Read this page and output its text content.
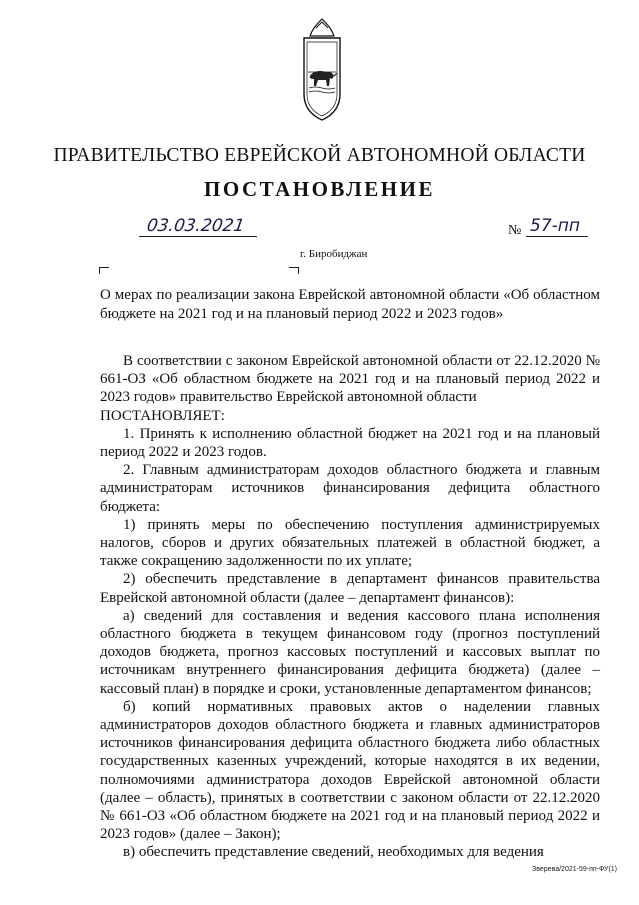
ПРАВИТЕЛЬСТВО ЕВРЕЙСКОЙ АВТОНОМНОЙ ОБЛАСТИ
ПОСТАНОВЛЕНИЕ
03.03.2021	№ 57-пп
г. Биробиджан
О мерах по реализации закона Еврейской автономной области «Об областном бюджете на 2021 год и на плановый период 2022 и 2023 годов»

В соответствии с законом Еврейской автономной области от 22.12.2020 № 661-ОЗ «Об областном бюджете на 2021 год и на плановый период 2022 и 2023 годов» правительство Еврейской автономной области

ПОСТАНОВЛЯЕТ:

1. Принять к исполнению областной бюджет на 2021 год и на плановый период 2022 и 2023 годов.

2. Главным администраторам доходов областного бюджета и главным администраторам источников финансирования дефицита областного бюджета:

1) принять меры по обеспечению поступления администрируемых налогов, сборов и других обязательных платежей в областной бюджет, а также сокращению задолженности по их уплате;

2) обеспечить представление в департамент финансов правительства Еврейской автономной области (далее – департамент финансов):

а) сведений для составления и ведения кассового плана исполнения областного бюджета в текущем финансовом году (прогноз поступлений доходов бюджета, прогноз кассовых поступлений и кассовых выплат по источникам внутреннего финансирования дефицита бюджета) (далее – кассовый план) в порядке и сроки, установленные департаментом финансов;

б) копий нормативных правовых актов о наделении главных администраторов доходов областного бюджета и главных администраторов источников финансирования дефицита областного бюджета либо областных государственных казенных учреждений, которые находятся в их ведении, полномочиями администратора доходов Еврейской автономной области (далее – область), принятых в соответствии с законом области от 22.12.2020 № 661-ОЗ «Об областном бюджете на 2021 год и на плановый период 2022 и 2023 годов» (далее – Закон);

в) обеспечить представление сведений, необходимых для ведения

Зверева/2021-59-пп-ФУ(1)
